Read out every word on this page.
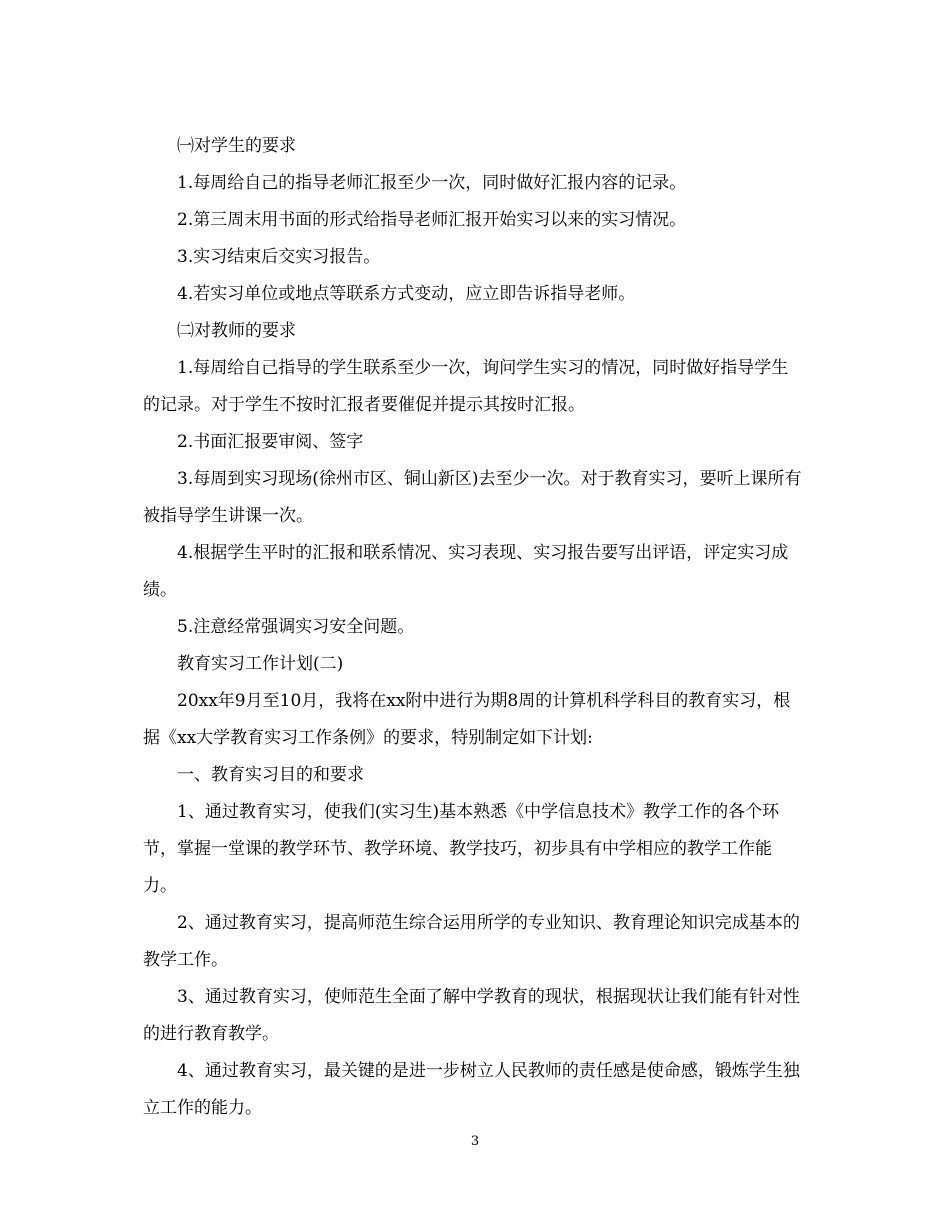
㈠对学生的要求

1.每周给自己的指导老师汇报至少一次，同时做好汇报内容的记录。

2.第三周末用书面的形式给指导老师汇报开始实习以来的实习情况。

3.实习结束后交实习报告。

4.若实习单位或地点等联系方式变动，应立即告诉指导老师。

㈡对教师的要求

1.每周给自己指导的学生联系至少一次，询问学生实习的情况，同时做好指导学生的记录。对于学生不按时汇报者要催促并提示其按时汇报。

2.书面汇报要审阅、签字

3.每周到实习现场(徐州市区、铜山新区)去至少一次。对于教育实习，要听上课所有被指导学生讲课一次。

4.根据学生平时的汇报和联系情况、实习表现、实习报告要写出评语，评定实习成绩。

5.注意经常强调实习安全问题。

教育实习工作计划(二)

20xx年9月至10月，我将在xx附中进行为期8周的计算机科学科目的教育实习，根据《xx大学教育实习工作条例》的要求，特别制定如下计划:

一、教育实习目的和要求

1、通过教育实习，使我们(实习生)基本熟悉《中学信息技术》教学工作的各个环节，掌握一堂课的教学环节、教学环境、教学技巧，初步具有中学相应的教学工作能力。

2、通过教育实习，提高师范生综合运用所学的专业知识、教育理论知识完成基本的教学工作。

3、通过教育实习，使师范生全面了解中学教育的现状，根据现状让我们能有针对性的进行教育教学。

4、通过教育实习，最关键的是进一步树立人民教师的责任感是使命感，锻炼学生独立工作的能力。

3
